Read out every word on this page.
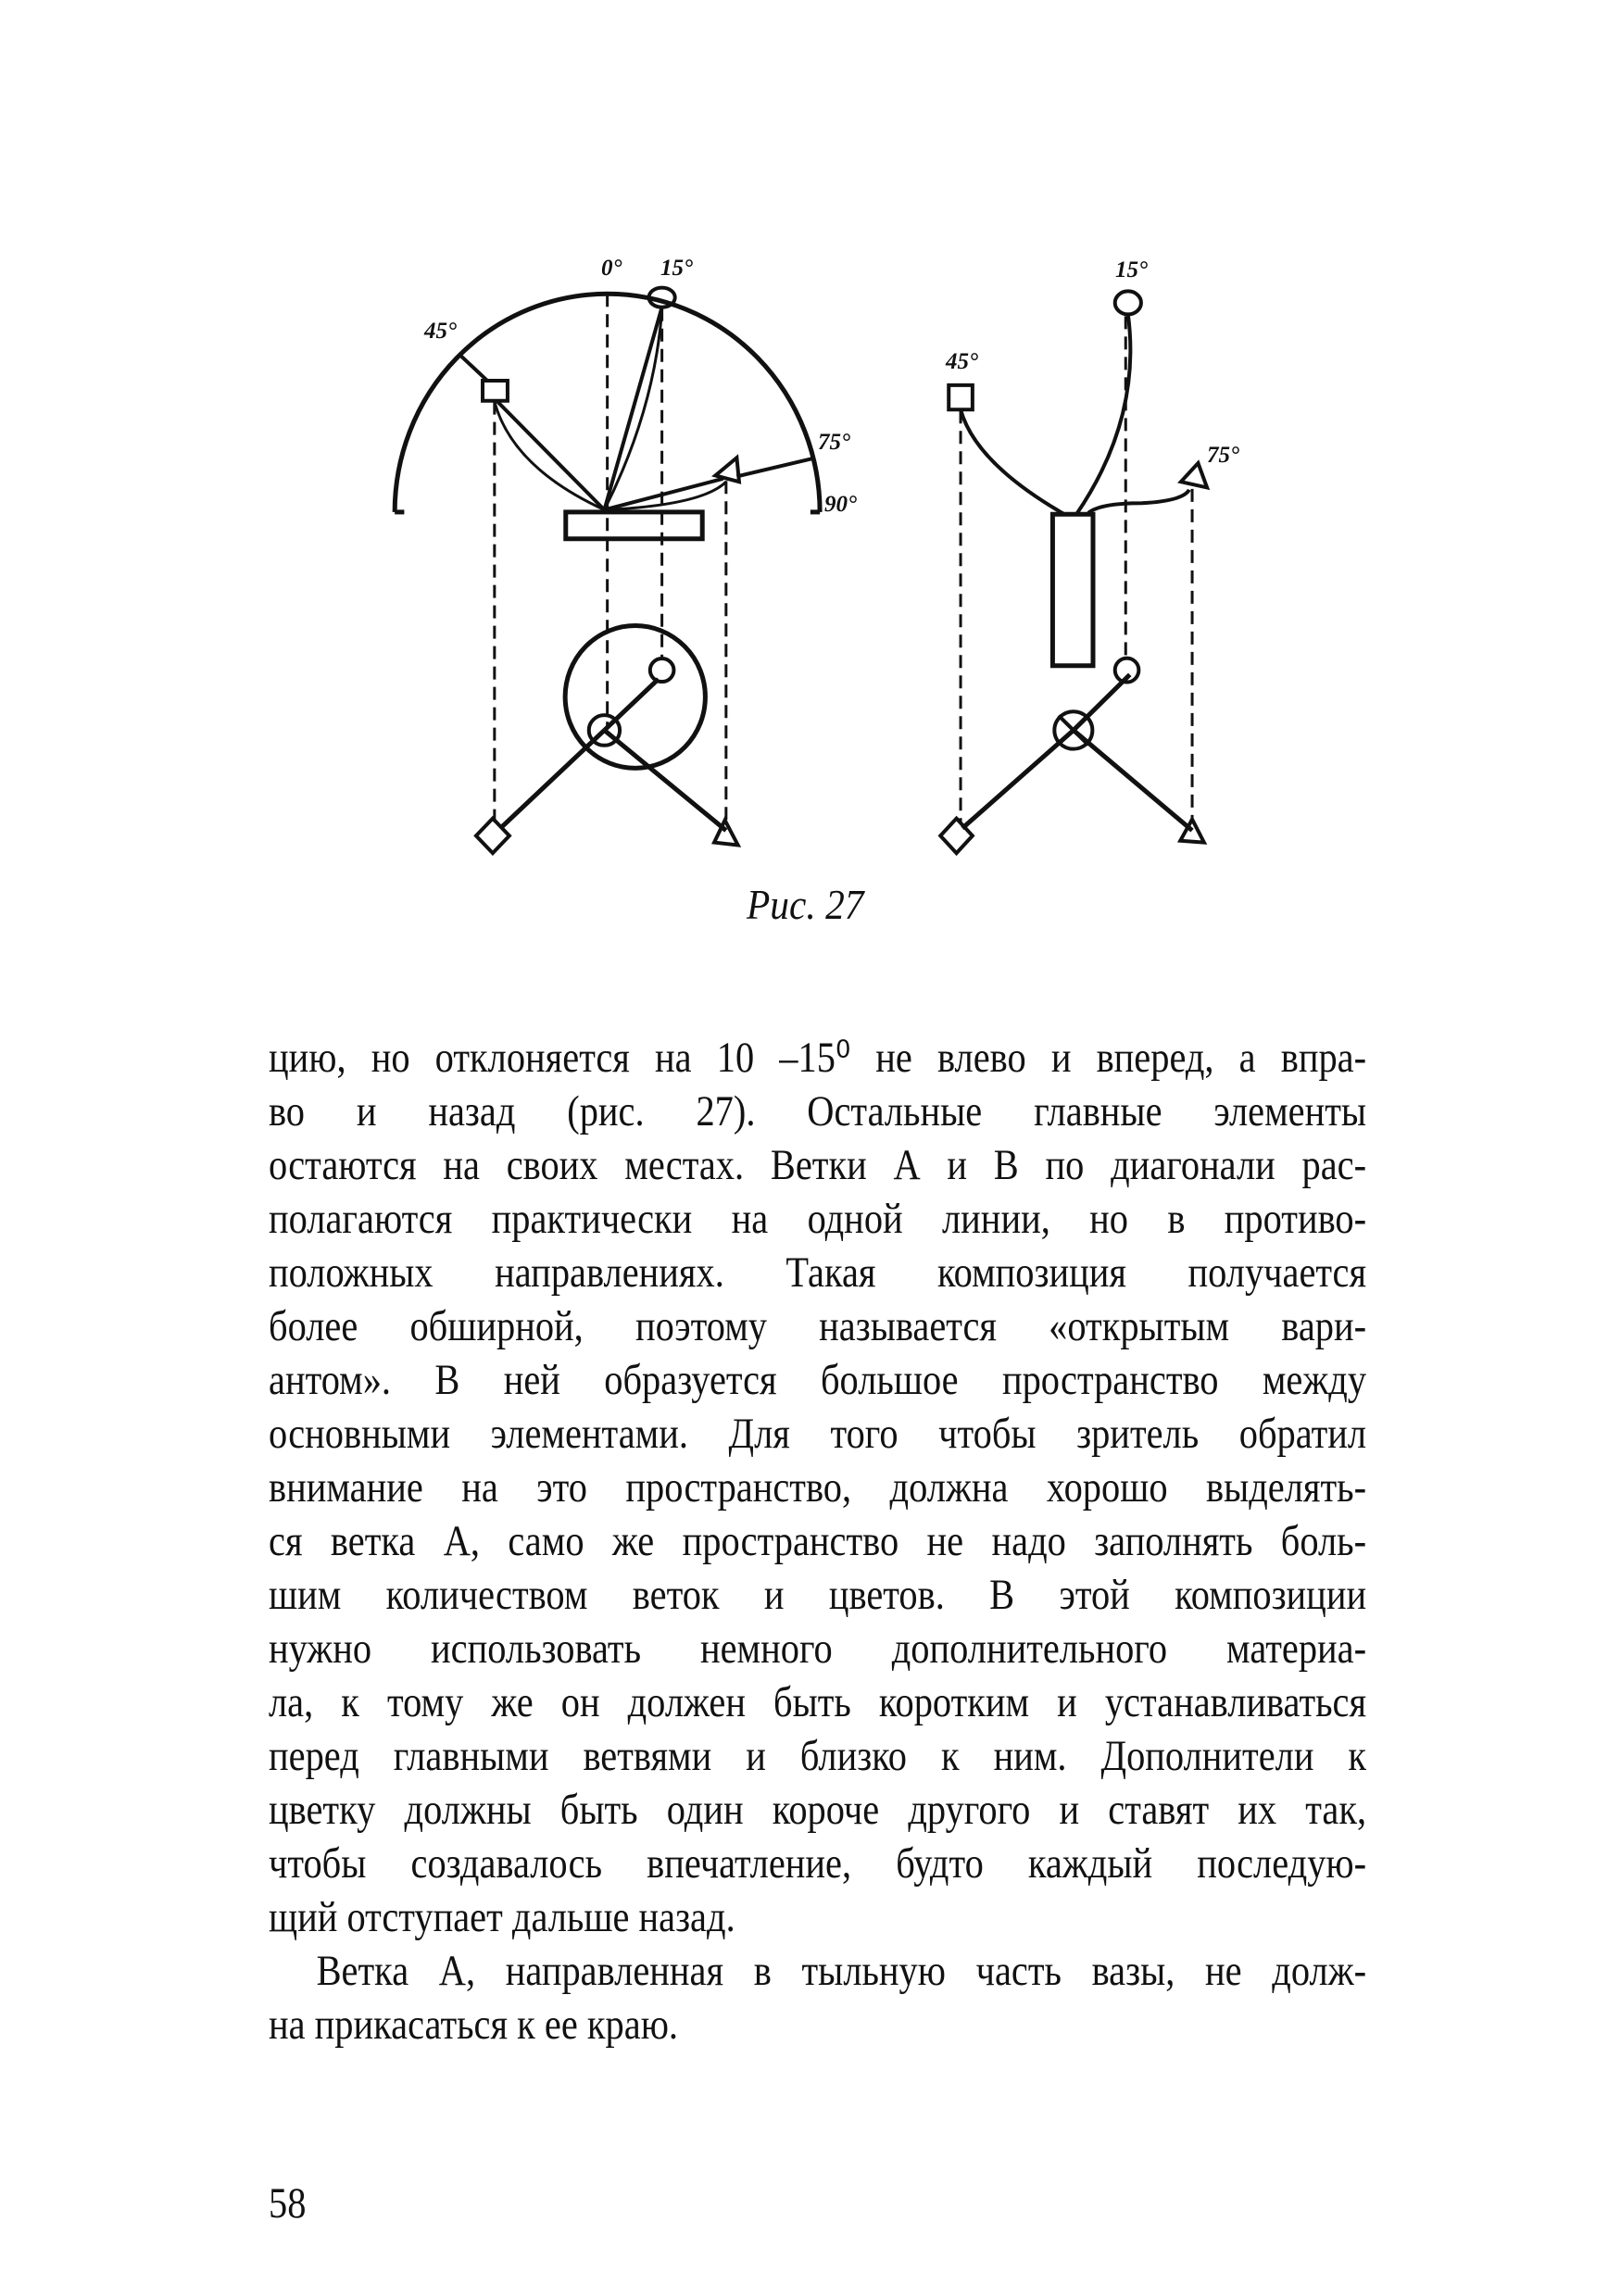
0° 15°
45°
75°
90°
15°
45°
75°
Рис. 27
цию, но отклоняется на 10 –15⁰ не влево и вперед, а впра-
во и назад (рис. 27). Остальные главные элементы
остаются на своих местах. Ветки А и В по диагонали рас-
полагаются практически на одной линии, но в противо-
положных направлениях. Такая композиция получается
более обширной, поэтому называется «открытым вари-
антом». В ней образуется большое пространство между
основными элементами. Для того чтобы зритель обратил
внимание на это пространство, должна хорошо выделять-
ся ветка А, само же пространство не надо заполнять боль-
шим количеством веток и цветов. В этой композиции
нужно использовать немного дополнительного материа-
ла, к тому же он должен быть коротким и устанавливаться
перед главными ветвями и близко к ним. Дополнители к
цветку должны быть один короче другого и ставят их так,
чтобы создавалось впечатление, будто каждый последую-
щий отступает дальше назад.
Ветка А, направленная в тыльную часть вазы, не долж-
на прикасаться к ее краю.
58
